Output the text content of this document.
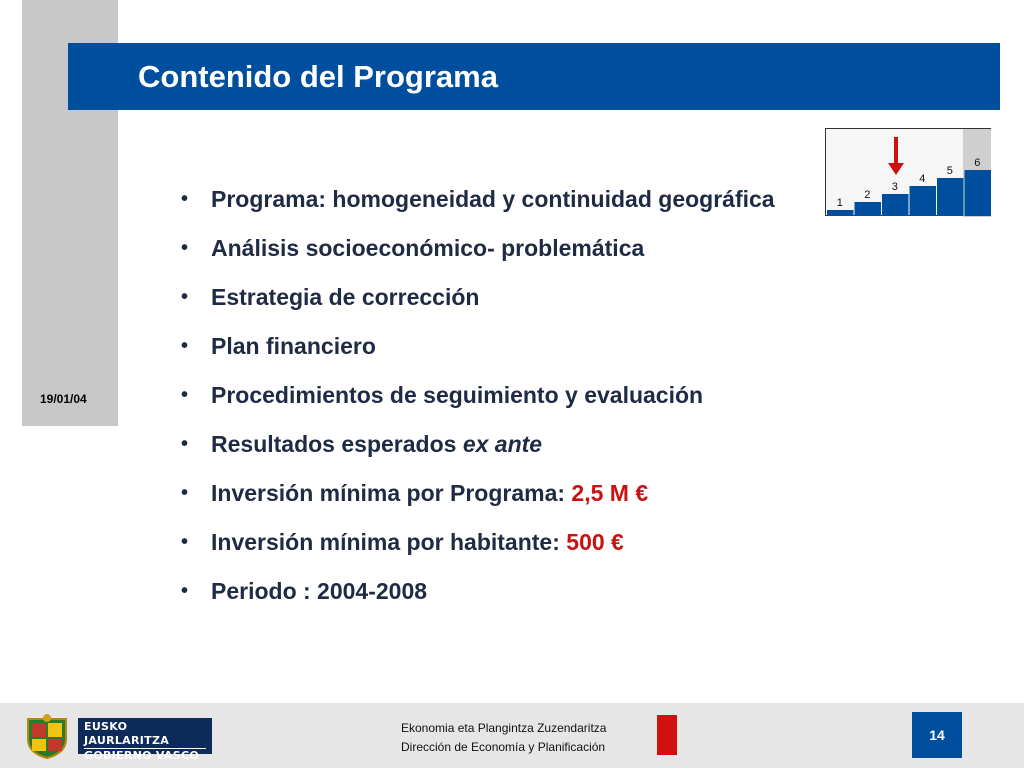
19/01/04
Contenido del Programa
1
2
3
4
5
6
• Programa: homogeneidad y continuidad geográfica
• Análisis socioeconómico- problemática
• Estrategia de corrección
• Plan financiero
• Procedimientos de seguimiento y evaluación
• Resultados esperados ex ante
• Inversión mínima por Programa: 2,5 M €
• Inversión mínima por habitante: 500 €
• Periodo : 2004-2008
EUSKO JAURLARITZA
GOBIERNO VASCO
Ekonomia eta Plangintza Zuzendaritza
Dirección de Economía y Planificación
14
